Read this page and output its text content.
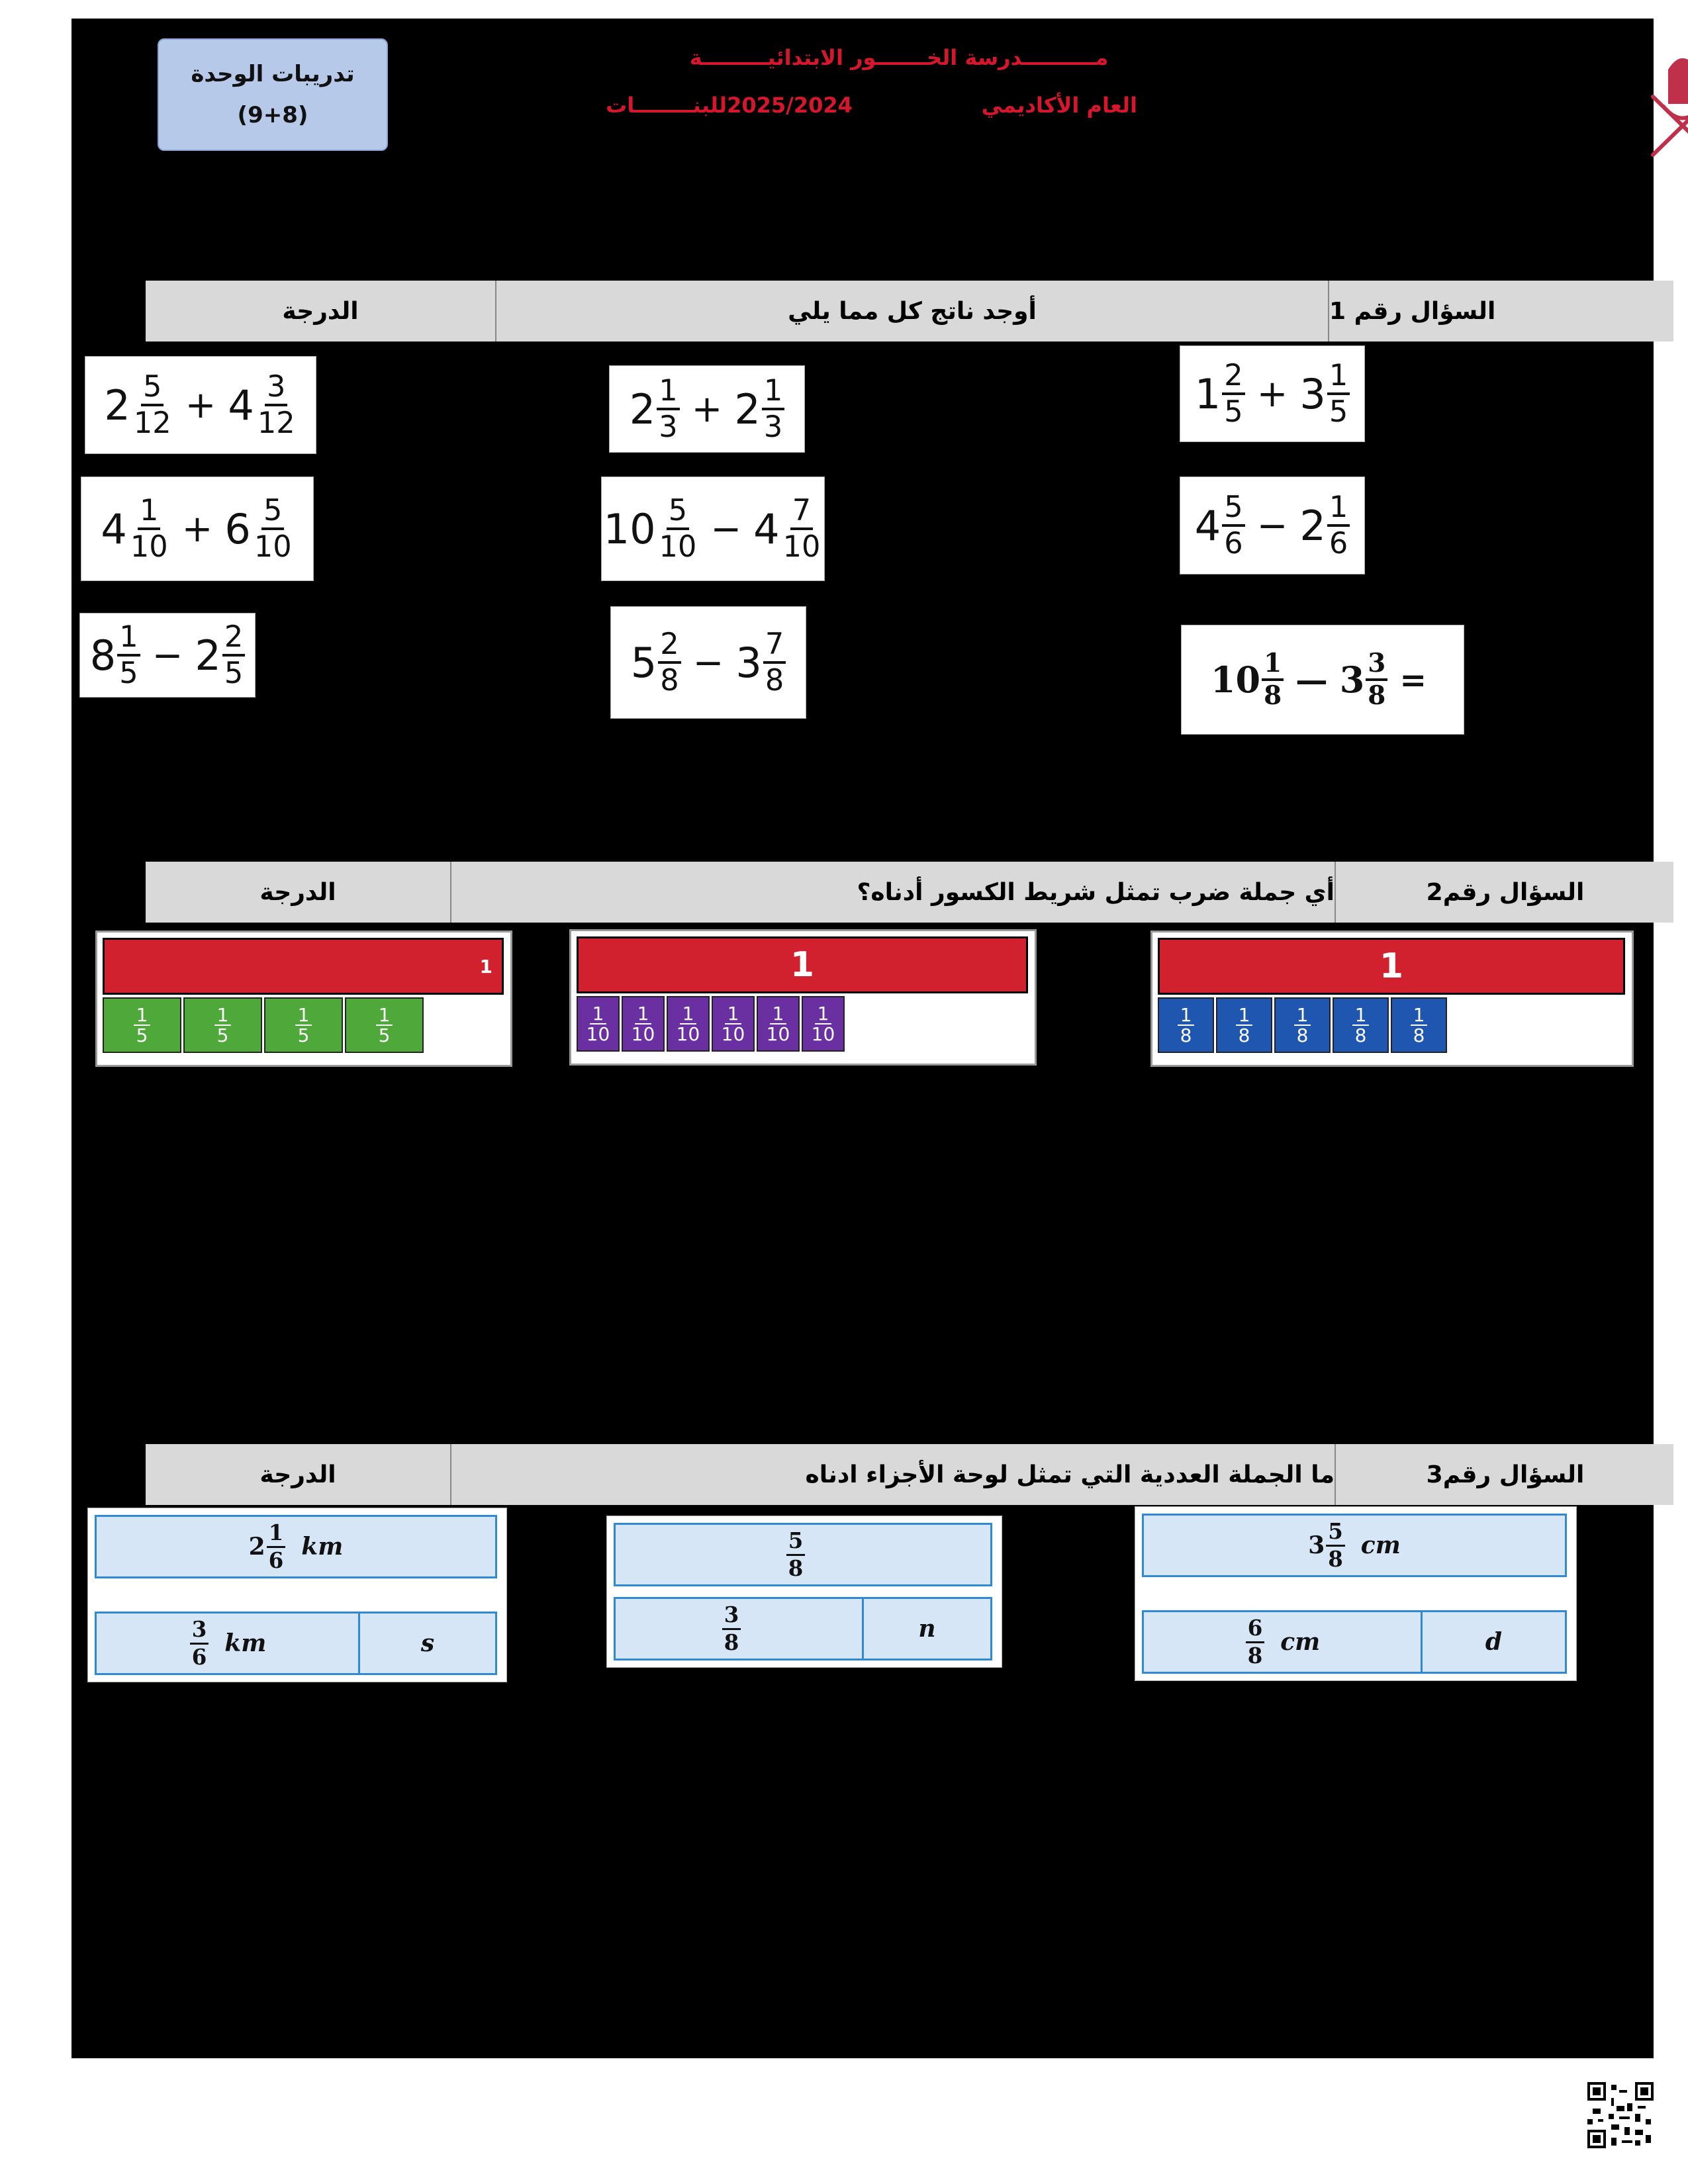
تدريبات الوحدة
(9+8)
مــــــــــدرسة الخـــــــور الابتدائيـــــــــة
العام الأكاديمي
2025/2024
للبنــــــــات
الدرجة	أوجد ناتج كل مما يلي	السؤال رقم 1
$1 \frac{2}{5} + 3 \frac{1}{5}$
$2 \frac{1}{3} + 2 \frac{1}{3}$
$2 \frac{5}{12} + 4 \frac{3}{12}$
$4 \frac{5}{6} - 2 \frac{1}{6}$
$10 \frac{5}{10} - 4 \frac{7}{10}$
$4 \frac{1}{10} + 6 \frac{5}{10}$
$10 \frac{1}{8}$ — $3 \frac{3}{8}$ =
$5 \frac{2}{8} - 3 \frac{7}{8}$
$8 \frac{1}{5} - 2 \frac{2}{5}$
الدرجة	أي جملة ضرب تمثل شريط الكسور أدناه؟	السؤال رقم2
1
$\frac{1}{8} \frac{1}{8} \frac{1}{8} \frac{1}{8} \frac{1}{8}$
1
$\frac{1}{10} \frac{1}{10} \frac{1}{10} \frac{1}{10} \frac{1}{10} \frac{1}{10}$
1
$\frac{1}{5} \frac{1}{5} \frac{1}{5} \frac{1}{5}$
الدرجة	ما الجملة العددية التي تمثل لوحة الأجزاء ادناه	السؤال رقم3
$3 \frac{5}{8}$ cm
$\frac{6}{8}$ cm	d
$\frac{5}{8}$
$\frac{3}{8}$	n
$2 \frac{1}{6}$ km
$\frac{3}{6}$ km	s
